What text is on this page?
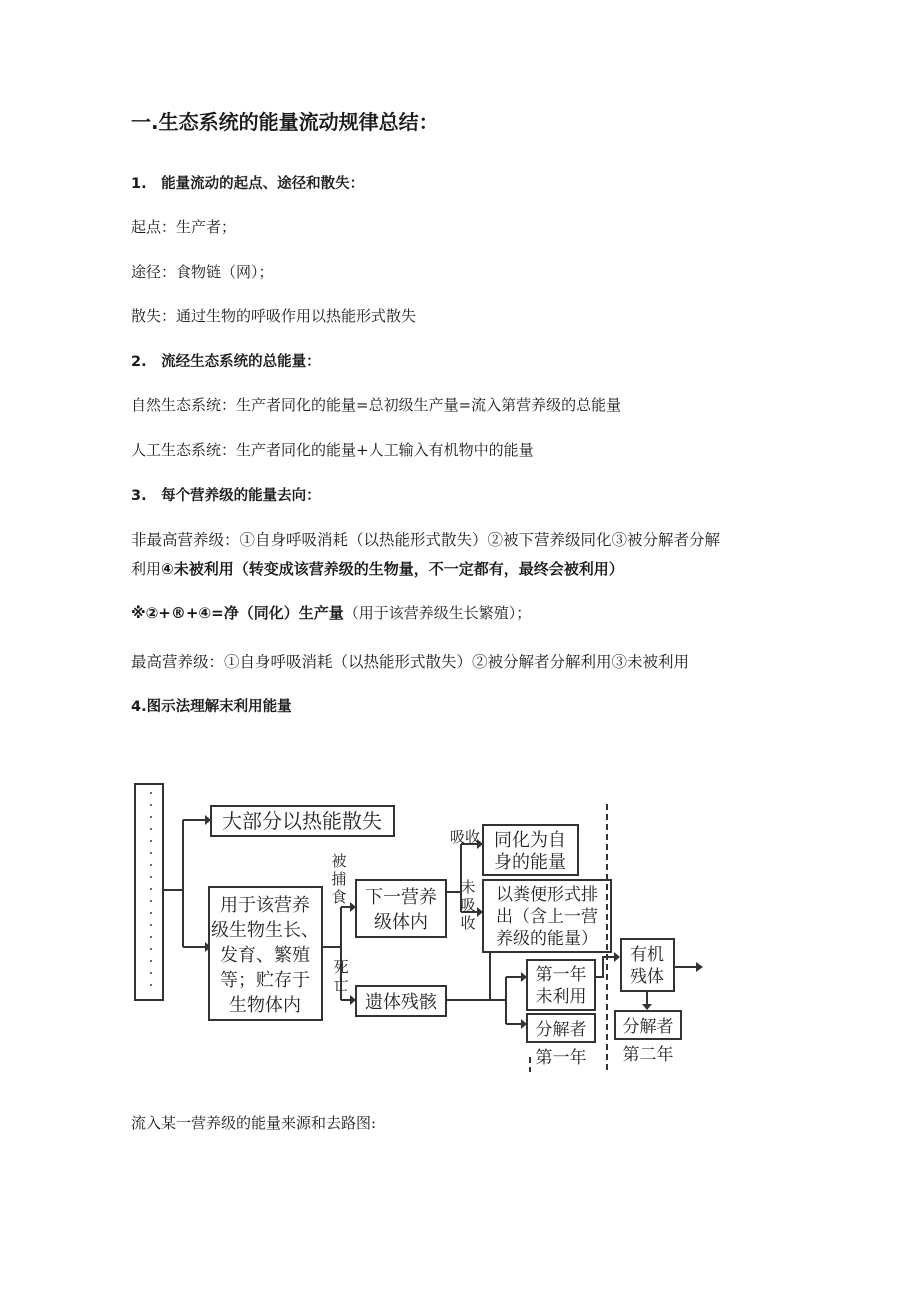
一.生态系统的能量流动规律总结：
1.　能量流动的起点、途径和散失：
起点：生产者；
途径：食物链（网）；
散失：通过生物的呼吸作用以热能形式散失
2.　流经生态系统的总能量：
自然生态系统：生产者同化的能量=总初级生产量=流入第营养级的总能量
人工生态系统：生产者同化的能量+人工输入有机物中的能量
3.　每个营养级的能量去向：
非最高营养级：①自身呼吸消耗（以热能形式散失）②被下营养级同化③被分解者分解
利用④未被利用（转变成该营养级的生物量，不一定都有，最终会被利用）
※②+®+④=净（同化）生产量（用于该营养级生长繁殖）；
最高营养级：①自身呼吸消耗（以热能形式散失）②被分解者分解利用③未被利用
4.图示法理解末利用能量
大部分以热能散失
用于该营养
级生物生长、
发育、繁殖
等；贮存于
生物体内
被
捕
食 下一营养
级体内
死
亡
遗体残骸
吸收
未
吸
收
同化为自
身的能量
以粪便形式排
出（含上一营
养级的能量）
第一年
未利用
分解者
第一年
有机
残体
分解者
第二年
流入某一营养级的能量来源和去路图:
